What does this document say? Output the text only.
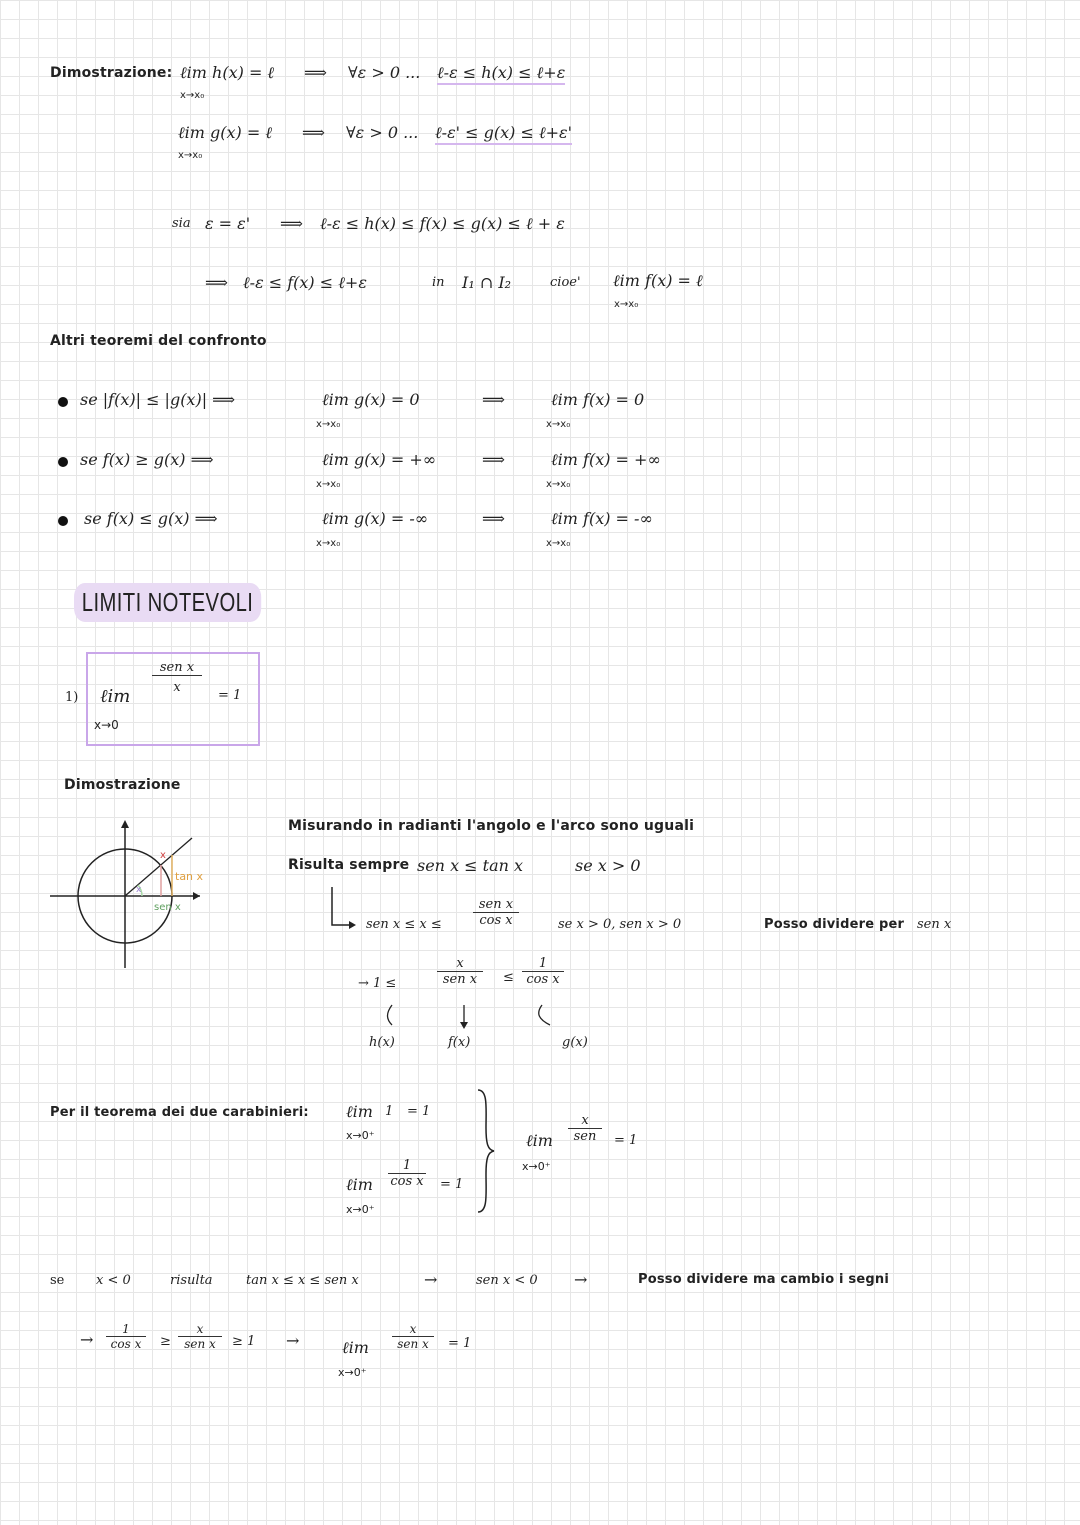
Dimostrazione: ℓim h(x) = ℓ
x→x₀
⟹ ∀ε > 0 ... ℓ-ε ≤ h(x) ≤ ℓ+ε
ℓim g(x) = ℓ
x→x₀
⟹ ∀ε > 0 ... ℓ-ε' ≤ g(x) ≤ ℓ+ε'
sia ε = ε' ⟹ ℓ-ε ≤ h(x) ≤ f(x) ≤ g(x) ≤ ℓ + ε
⟹ ℓ-ε ≤ f(x) ≤ ℓ+ε	in I₁ ∩ I₂	cioe' ℓim f(x) = ℓ
x→x₀
Altri teoremi del confronto
se |f(x)| ≤ |g(x)| ⟹	ℓim g(x) = 0
x→x₀
⟹	ℓim f(x) = 0
x→x₀
se f(x) ≥ g(x) ⟹	ℓim g(x) = +∞
x→x₀
⟹	ℓim f(x) = +∞
x→x₀
se f(x) ≤ g(x) ⟹	ℓim g(x) = -∞
x→x₀
⟹	ℓim f(x) = -∞
x→x₀
LIMITI NOTEVOLI
1) ℓim
x→0
sen x
x
= 1
Dimostrazione
x
x
tan x
sen x
Misurando in radianti l'angolo e l'arco sono uguali
Risulta sempre sen x ≤ tan x	se x > 0
sen x ≤ x ≤
sen x
cos x	se x > 0, sen x > 0	Posso dividere per sen x
→ 1 ≤
x
sen x	≤ $\frac{1}{\text{cos x}}$
h(x)	f(x)	g(x)
Per il teorema dei due carabinieri: ℓim 1 = 1
x→0⁺
ℓim $\frac{1}{\text{cos x}} = 1$
x→0⁺
ℓim
x
sen	= 1
x→0⁺
se x < 0	risulta	tan x ≤ x ≤ sen x	→	sen x < 0 →	Posso dividere ma cambio i segni
→ $\frac{1}{\text{cos x}}$ ≥
x
sen x	≥ 1 →	ℓim
x→0⁺
x
sen x	= 1
